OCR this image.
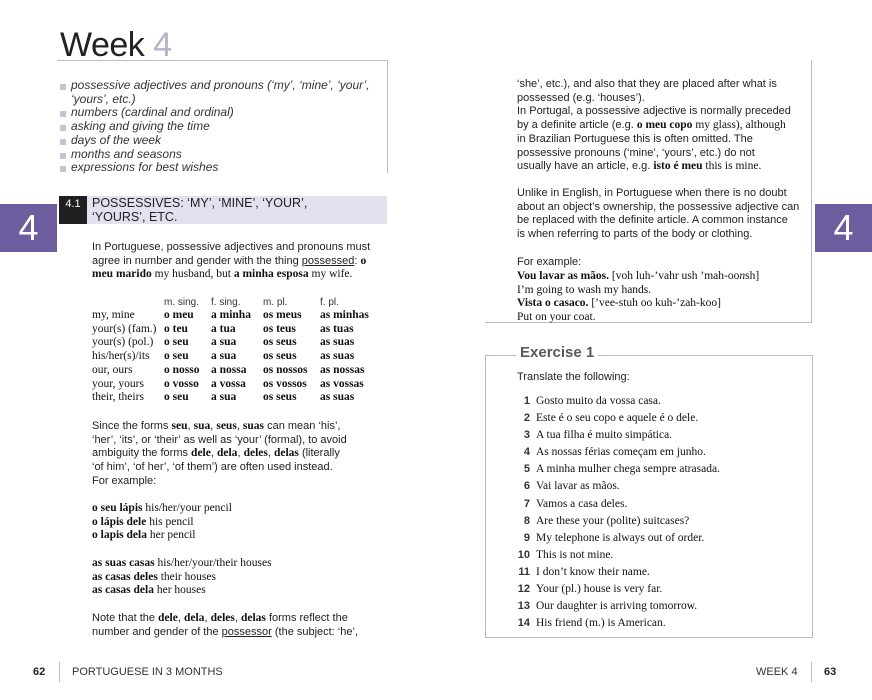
Week 4
possessive adjectives and pronouns (‘my’, ‘mine’, ‘your’, ‘yours’, etc.)
numbers (cardinal and ordinal)
asking and giving the time
days of the week
months and seasons
expressions for best wishes
4
4.1 POSSESSIVES: ‘MY’, ‘MINE’, ‘YOUR’,
‘YOURS’, ETC.
In Portuguese, possessive adjectives and pronouns must
agree in number and gender with the thing possessed: o
meu marido my husband, but a minha esposa my wife.
	m. sing.	f. sing.	m. pl.	f. pl.
my, mine	o meu	a minha	os meus	as minhas
your(s) (fam.)	o teu	a tua	os teus	as tuas
your(s) (pol.)	o seu	a sua	os seus	as suas
his/her(s)/its	o seu	a sua	os seus	as suas
our, ours	o nosso	a nossa	os nossos	as nossas
your, yours	o vosso	a vossa	os vossos	as vossas
their, theirs	o seu	a sua	os seus	as suas
Since the forms seu, sua, seus, suas can mean ‘his’,
‘her’, ‘its’, or ‘their’ as well as ‘your’ (formal), to avoid
ambiguity the forms dele, dela, deles, delas (literally
‘of him’, ‘of her’, ‘of them’) are often used instead.
For example:
o seu lápis his/her/your pencil
o lápis dele his pencil
o lapis dela her pencil
as suas casas his/her/your/their houses
as casas deles their houses
as casas dela her houses
Note that the dele, dela, deles, delas forms reflect the
number and gender of the possessor (the subject: ‘he’,
62 PORTUGUESE IN 3 MONTHS
‘she’, etc.), and also that they are placed after what is
possessed (e.g. ‘houses’).
In Portugal, a possessive adjective is normally preceded
by a definite article (e.g. o meu copo my glass), although
in Brazilian Portuguese this is often omitted. The
possessive pronouns (‘mine’, ‘yours’, etc.) do not
usually have an article, e.g. isto é meu this is mine.
Unlike in English, in Portuguese when there is no doubt
about an object’s ownership, the possessive adjective can
be replaced with the definite article. A common instance
is when referring to parts of the body or clothing.	4
For example:
Vou lavar as mãos. [voh luh-’vahr ush ’mah-oonsh]
I’m going to wash my hands.
Vista o casaco. [’vee-stuh oo kuh-’zah-koo]
Put on your coat.
Exercise 1
Translate the following:
1 Gosto muito da vossa casa.
2 Este é o seu copo e aquele é o dele.
3 A tua filha é muito simpática.
4 As nossas férias começam em junho.
5 A minha mulher chega sempre atrasada.
6 Vai lavar as mãos.
7 Vamos a casa deles.
8 Are these your (polite) suitcases?
9 My telephone is always out of order.
10 This is not mine.
11 I don’t know their name.
12 Your (pl.) house is very far.
13 Our daughter is arriving tomorrow.
14 His friend (m.) is American.
WEEK 4 63
